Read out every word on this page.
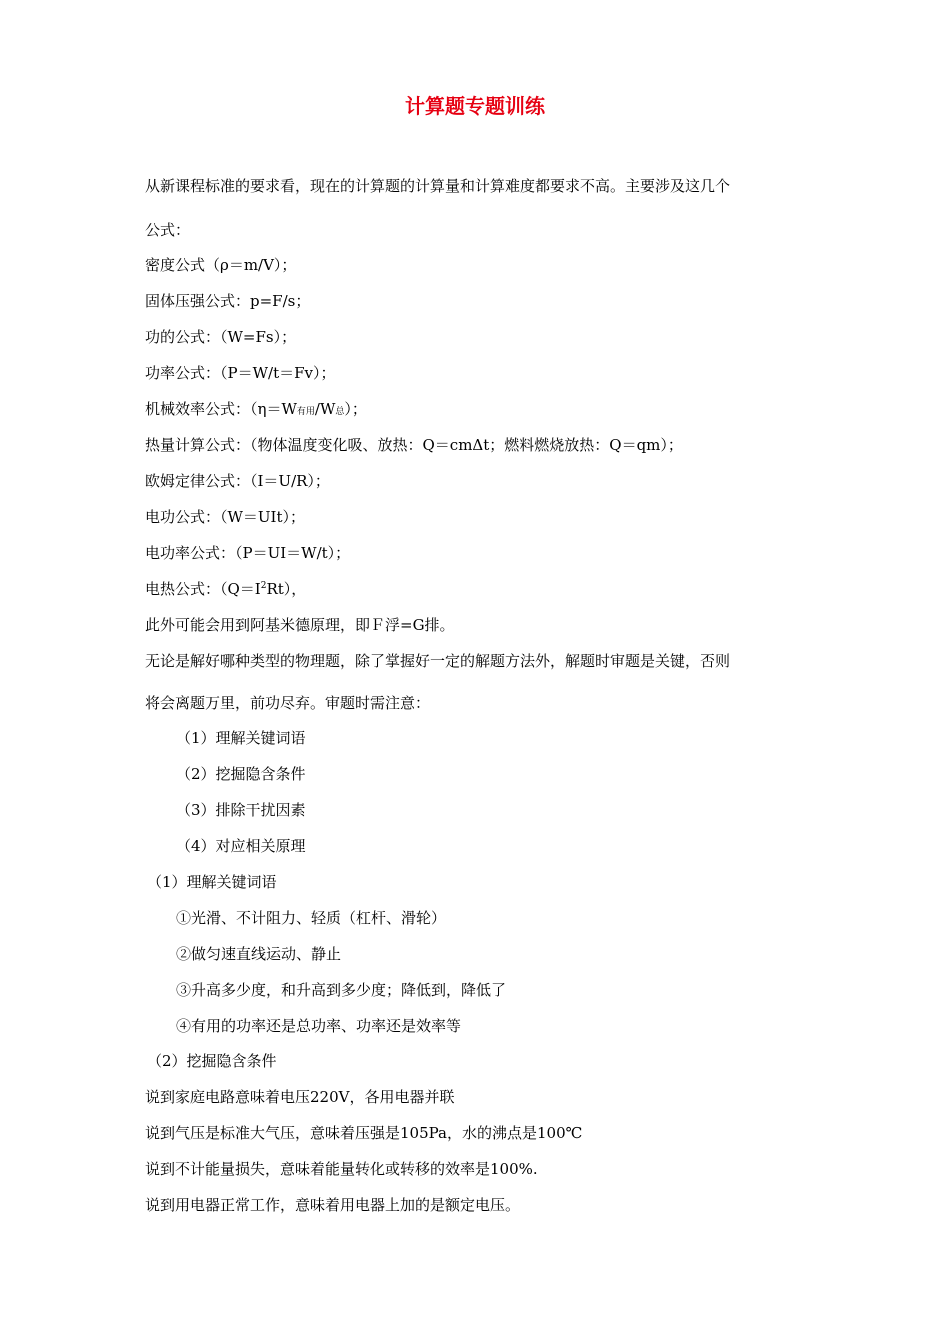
计算题专题训练
从新课程标准的要求看，现在的计算题的计算量和计算难度都要求不高。主要涉及这几个
公式：
密度公式（ρ＝m/V）；
固体压强公式：p=F/s；
功的公式：（W=Fs）；
功率公式：（P＝W/t＝Fv）；
机械效率公式：（η＝W有用/W总）；
热量计算公式：（物体温度变化吸、放热：Q＝cmΔt；燃料燃烧放热：Q＝qm）；
欧姆定律公式：（I＝U/R）；
电功公式：（W＝UIt）；
电功率公式：（P＝UI＝W/t）；
电热公式：$(Q=I^2Rt)$，
此外可能会用到阿基米德原理，即Ｆ浮=G排。
无论是解好哪种类型的物理题，除了掌握好一定的解题方法外，解题时审题是关键，否则
将会离题万里，前功尽弃。审题时需注意：
（1）理解关键词语
（2）挖掘隐含条件
（3）排除干扰因素
（4）对应相关原理
（1）理解关键词语
①光滑、不计阻力、轻质（杠杆、滑轮）
②做匀速直线运动、静止
③升高多少度，和升高到多少度；降低到，降低了
④有用的功率还是总功率、功率还是效率等
（2）挖掘隐含条件
说到家庭电路意味着电压220V，各用电器并联
说到气压是标准大气压，意味着压强是105Pa，水的沸点是100℃
说到不计能量损失，意味着能量转化或转移的效率是100%.
说到用电器正常工作，意味着用电器上加的是额定电压。
